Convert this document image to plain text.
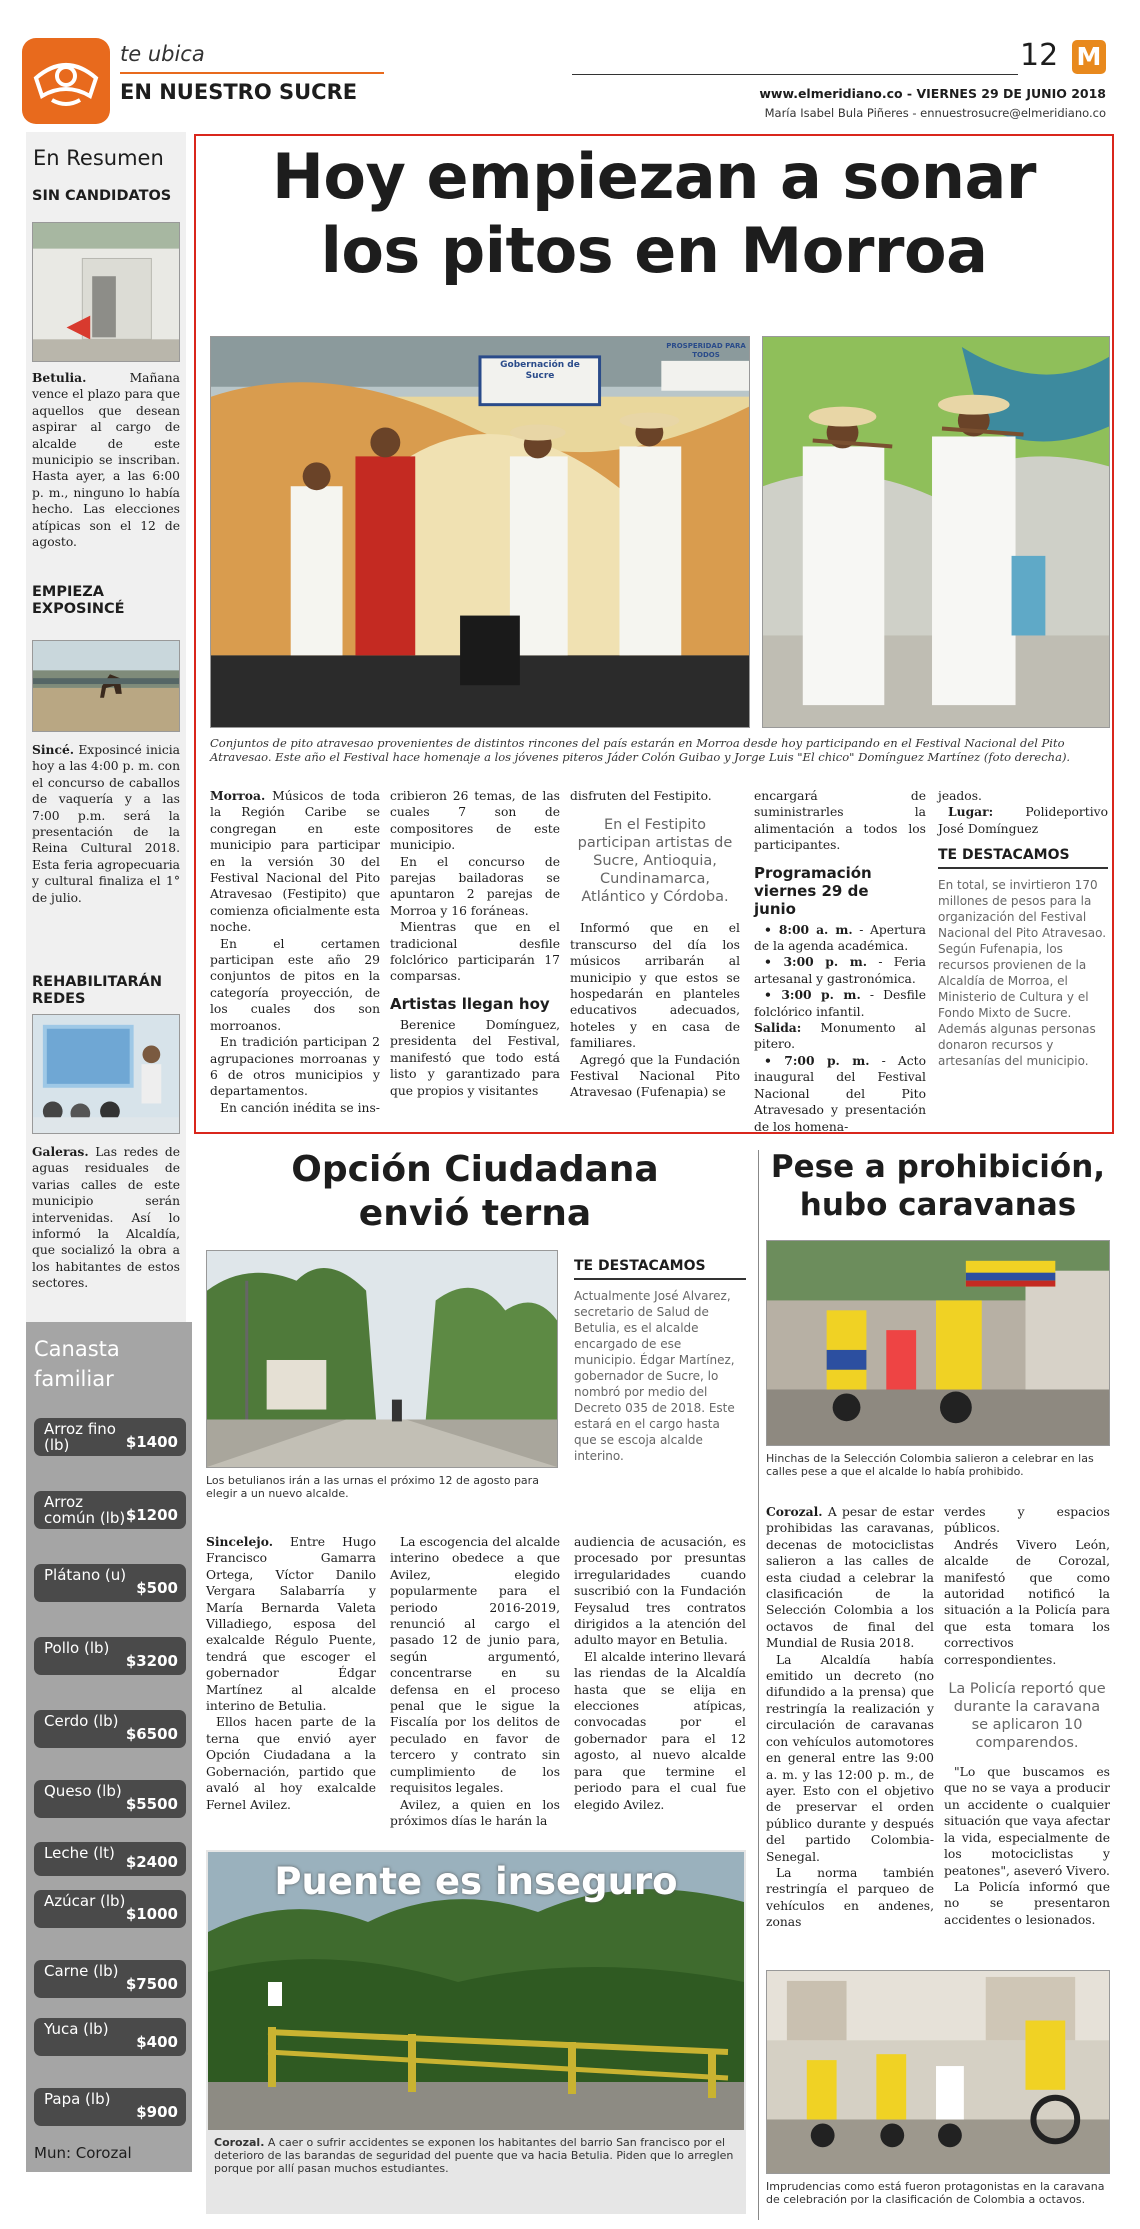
te ubica
EN NUESTRO SUCRE
12 M
www.elmeridiano.co - VIERNES 29 DE JUNIO 2018
María Isabel Bula Piñeres - ennuestrosucre@elmeridiano.co
En Resumen
SIN CANDIDATOS

Betulia. Mañana vence el plazo para que aquellos que desean aspirar al cargo de alcalde de este municipio se inscriban. Hasta ayer, a las 6:00 p. m., ninguno lo había hecho. Las elecciones atípicas son el 12 de agosto.

EMPIEZA EXPOSINCÉ

Sincé. Exposincé inicia hoy a las 4:00 p. m. con el concurso de caballos de vaquería y a las 7:00 p.m. será la presentación de la Reina Cultural 2018. Esta feria agropecuaria y cultural finaliza el 1° de julio.

REHABILITARÁN REDES

Galeras. Las redes de aguas residuales de varias calles de este municipio serán intervenidas. Así lo informó la Alcaldía, que socializó la obra a los habitantes de estos sectores.

Canasta familiar
Arroz fino (lb)	$1400
Arroz común (lb) $1200
Plátano (u)
$500
Pollo (lb)
$3200
Cerdo (lb)
$6500
Queso (lb)
$5500
Leche (lt) $2400
Azúcar (lb)
$1000
Carne (lb)
$7500
Yuca (lb)
$400
Papa (lb)
$900
Mun: Corozal
Hoy empiezan a sonar
los pitos en Morroa
Gobernación de Sucre
PROSPERIDAD PARA TODOS
Conjuntos de pito atravesao provenientes de distintos rincones del país estarán en Morroa desde hoy participando en el Festival Nacional del Pito Atravesao. Este año el Festival hace homenaje a los jóvenes piteros Jáder Colón Guibao y Jorge Luis "El chico" Domínguez Martínez (foto derecha).

Morroa. Músicos de toda la Región Caribe se congregan en este municipio para participar en la versión 30 del Festival Nacional del Pito Atravesao (Festipito) que comienza oficialmente esta noche.

En el certamen participan este año 29 conjuntos de pitos en la categoría proyección, de los cuales dos son morroanos.

En tradición participan 2 agrupaciones morroanas y 6 de otros municipios y departamentos.

En canción inédita se ins-

cribieron 26 temas, de las cuales 7 son de compositores de este municipio.

En el concurso de parejas bailadoras se apuntaron 2 parejas de Morroa y 16 foráneas.

Mientras que en el tradicional desfile folclórico participarán 17 comparsas.

Artistas llegan hoy

Berenice Domínguez, presidenta del Festival, manifestó que todo está listo y garantizado para que propios y visitantes

disfruten del Festipito.

En el Festipito participan artistas de Sucre, Antioquia, Cundinamarca, Atlántico y Córdoba.

Informó que en el transcurso del día los músicos arribarán al municipio y que estos se hospedarán en planteles educativos adecuados, hoteles y en casa de familiares.

Agregó que la Fundación Festival Nacional Pito Atravesao (Fufenapia) se

encargará de suministrarles la alimentación a todos los participantes.

Programación viernes 29 de junio

• 8:00 a. m. - Apertura de la agenda académica.

• 3:00 p. m. - Feria artesanal y gastronómica.

• 3:00 p. m. - Desfile folclórico infantil.

Salida: Monumento al pitero.

• 7:00 p. m. - Acto inaugural del Festival Nacional del Pito Atravesado y presentación de los homena-

jeados.

Lugar: Polideportivo José Domínguez

TE DESTACAMOS
En total, se invirtieron 170 millones de pesos para la organización del Festival Nacional del Pito Atravesao. Según Fufenapia, los recursos provienen de la Alcaldía de Morroa, el Ministerio de Cultura y el Fondo Mixto de Sucre. Además algunas personas donaron recursos y artesanías del municipio.
Opción Ciudadana envió terna
Los betulianos irán a las urnas el próximo 12 de agosto para elegir a un nuevo alcalde.
TE DESTACAMOS
Actualmente José Alvarez, secretario de Salud de Betulia, es el alcalde encargado de ese municipio. Édgar Martínez, gobernador de Sucre, lo nombró por medio del Decreto 035 de 2018. Este estará en el cargo hasta que se escoja alcalde interino.

Sincelejo. Entre Hugo Francisco Gamarra Ortega, Víctor Danilo Vergara Salabarría y María Bernarda Valeta Villadiego, esposa del exalcalde Régulo Puente, tendrá que escoger el gobernador Édgar Martínez al alcalde interino de Betulia.

Ellos hacen parte de la terna que envió ayer Opción Ciudadana a la Gobernación, partido que avaló al hoy exalcalde Fernel Avilez.

La escogencia del alcalde interino obedece a que Avilez, elegido popularmente para el periodo 2016-2019, renunció al cargo el pasado 12 de junio para, según argumentó, concentrarse en su defensa en el proceso penal que le sigue la Fiscalía por los delitos de peculado en favor de tercero y contrato sin cumplimiento de los requisitos legales.

Avilez, a quien en los próximos días le harán la

audiencia de acusación, es procesado por presuntas irregularidades cuando suscribió con la Fundación Feysalud tres contratos dirigidos a la atención del adulto mayor en Betulia.

El alcalde interino llevará las riendas de la Alcaldía hasta que se elija en elecciones atípicas, convocadas por el gobernador para el 12 agosto, al nuevo alcalde para que termine el periodo para el cual fue elegido Avilez.

Puente es inseguro
Corozal. A caer o sufrir accidentes se exponen los habitantes del barrio San francisco por el deterioro de las barandas de seguridad del puente que va hacia Betulia. Piden que lo arreglen porque por allí pasan muchos estudiantes.
Pese a prohibición, hubo caravanas
Hinchas de la Selección Colombia salieron a celebrar en las calles pese a que el alcalde lo había prohibido.

Corozal. A pesar de estar prohibidas las caravanas, decenas de motociclistas salieron a las calles de esta ciudad a celebrar la clasificación de la Selección Colombia a los octavos de final del Mundial de Rusia 2018.

La Alcaldía había emitido un decreto (no difundido a la prensa) que restringía la realización y circulación de caravanas con vehículos automotores en general entre las 9:00 a. m. y las 12:00 p. m., de ayer. Esto con el objetivo de preservar el orden público durante y después del partido Colombia-Senegal.

La norma también restringía el parqueo de vehículos en andenes, zonas

verdes y espacios públicos.

Andrés Vivero León, alcalde de Corozal, manifestó que como autoridad notificó la situación a la Policía para que esta tomara los correctivos correspondientes.

La Policía reportó que durante la caravana se aplicaron 10 comparendos.

"Lo que buscamos es que no se vaya a producir un accidente o cualquier situación que vaya afectar la vida, especialmente de los motociclistas y peatones", aseveró Vivero.

La Policía informó que no se presentaron accidentes o lesionados.

Imprudencias como está fueron protagonistas en la caravana de celebración por la clasificación de Colombia a octavos.
